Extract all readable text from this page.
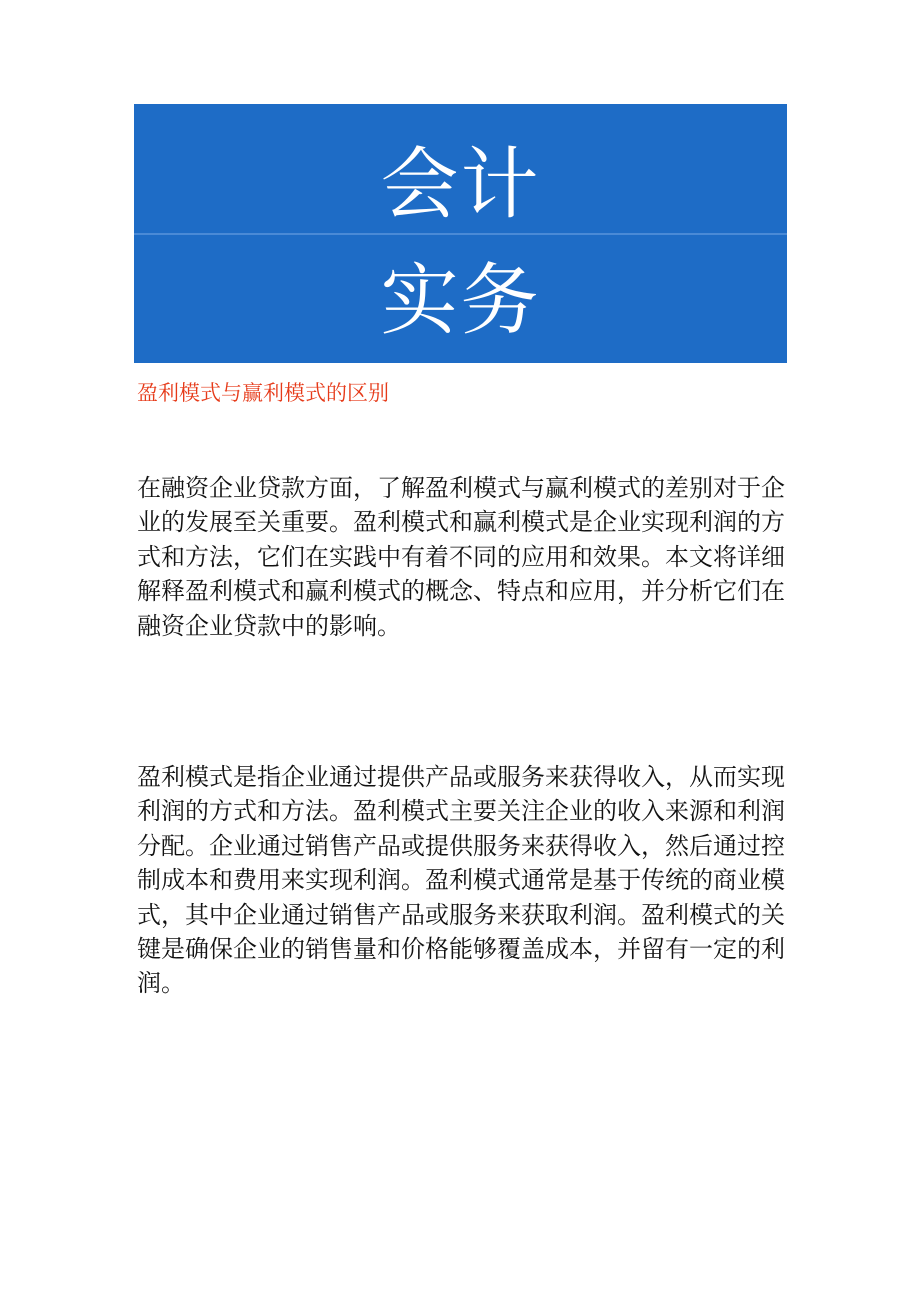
会计
实务
盈利模式与赢利模式的区别

在融资企业贷款方面，了解盈利模式与赢利模式的差别对于企业的发展至关重要。盈利模式和赢利模式是企业实现利润的方式和方法，它们在实践中有着不同的应用和效果。本文将详细解释盈利模式和赢利模式的概念、特点和应用，并分析它们在融资企业贷款中的影响。

盈利模式是指企业通过提供产品或服务来获得收入，从而实现利润的方式和方法。盈利模式主要关注企业的收入来源和利润分配。企业通过销售产品或提供服务来获得收入，然后通过控制成本和费用来实现利润。盈利模式通常是基于传统的商业模式，其中企业通过销售产品或服务来获取利润。盈利模式的关键是确保企业的销售量和价格能够覆盖成本，并留有一定的利润。
